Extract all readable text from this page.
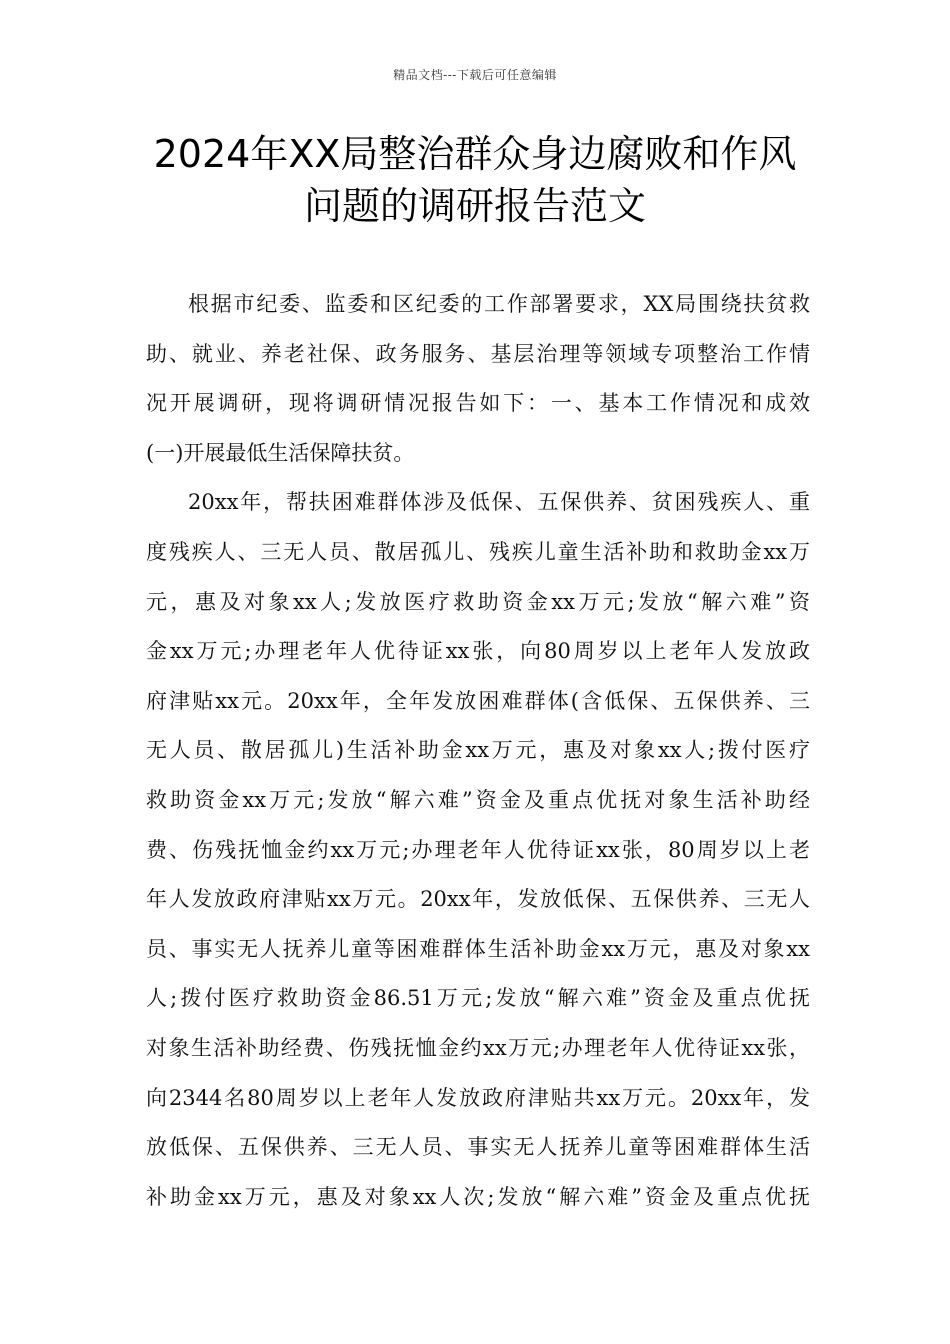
精品文档---下载后可任意编辑
2024年XX局整治群众身边腐败和作风
问题的调研报告范文
根据市纪委、监委和区纪委的工作部署要求，XX局围绕扶贫救
助、就业、养老社保、政务服务、基层治理等领域专项整治工作情
况开展调研，现将调研情况报告如下：一、基本工作情况和成效
(一)开展最低生活保障扶贫。
20xx年，帮扶困难群体涉及低保、五保供养、贫困残疾人、重
度残疾人、三无人员、散居孤儿、残疾儿童生活补助和救助金xx万
元，惠及对象xx人;发放医疗救助资金xx万元;发放“解六难”资
金xx万元;办理老年人优待证xx张，向80周岁以上老年人发放政
府津贴xx元。20xx年，全年发放困难群体(含低保、五保供养、三
无人员、散居孤儿)生活补助金xx万元，惠及对象xx人;拨付医疗
救助资金xx万元;发放“解六难”资金及重点优抚对象生活补助经
费、伤残抚恤金约xx万元;办理老年人优待证xx张，80周岁以上老
年人发放政府津贴xx万元。20xx年，发放低保、五保供养、三无人
员、事实无人抚养儿童等困难群体生活补助金xx万元，惠及对象xx
人;拨付医疗救助资金86.51万元;发放“解六难”资金及重点优抚
对象生活补助经费、伤残抚恤金约xx万元;办理老年人优待证xx张，
向2344名80周岁以上老年人发放政府津贴共xx万元。20xx年，发
放低保、五保供养、三无人员、事实无人抚养儿童等困难群体生活
补助金xx万元，惠及对象xx人次;发放“解六难”资金及重点优抚
